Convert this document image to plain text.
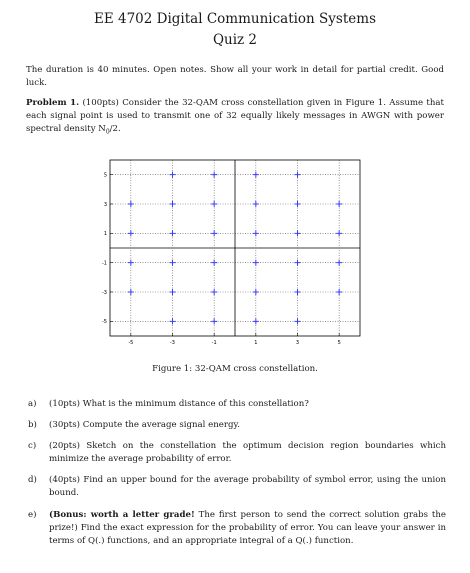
EE 4702 Digital Communication Systems
Quiz 2
The duration is 40 minutes. Open notes. Show all your work in detail for partial credit. Good luck.
Problem 1. (100pts) Consider the 32-QAM cross constellation given in Figure 1. Assume that each signal point is used to transmit one of 32 equally likely messages in AWGN with power spectral density $N_0/2$.
-5	-3	-1	1	3	5
5
3
1
-1
-3
-5
Figure 1: 32-QAM cross constellation.
a) (10pts) What is the minimum distance of this constellation?
b) (30pts) Compute the average signal energy.
c) (20pts) Sketch on the constellation the optimum decision region boundaries which minimize the average probability of error.
d) (40pts) Find an upper bound for the average probability of symbol error, using the union bound.
e) (Bonus: worth a letter grade! The first person to send the correct solution grabs the prize!) Find the exact expression for the probability of error. You can leave your answer in terms of Q(.) functions, and an appropriate integral of a Q(.) function.
